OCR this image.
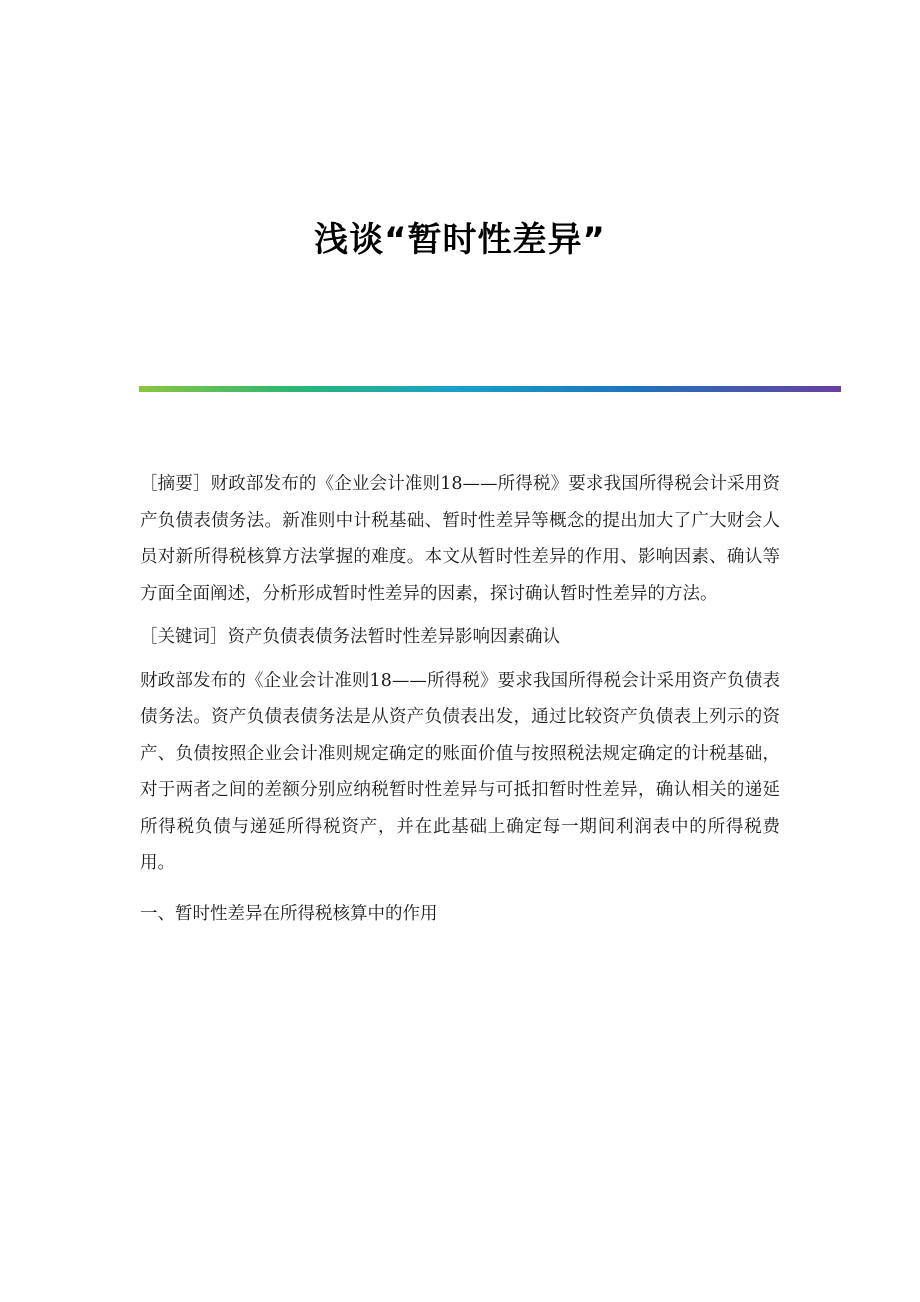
浅谈“暂时性差异”

［摘要］财政部发布的《企业会计准则18——所得税》要求我国所得税会计采用资产负债表债务法。新准则中计税基础、暂时性差异等概念的提出加大了广大财会人员对新所得税核算方法掌握的难度。本文从暂时性差异的作用、影响因素、确认等方面全面阐述，分析形成暂时性差异的因素，探讨确认暂时性差异的方法。

［关键词］资产负债表债务法暂时性差异影响因素确认

财政部发布的《企业会计准则18——所得税》要求我国所得税会计采用资产负债表债务法。资产负债表债务法是从资产负债表出发，通过比较资产负债表上列示的资产、负债按照企业会计准则规定确定的账面价值与按照税法规定确定的计税基础，对于两者之间的差额分别应纳税暂时性差异与可抵扣暂时性差异，确认相关的递延所得税负债与递延所得税资产，并在此基础上确定每一期间利润表中的所得税费用。

一、暂时性差异在所得税核算中的作用
